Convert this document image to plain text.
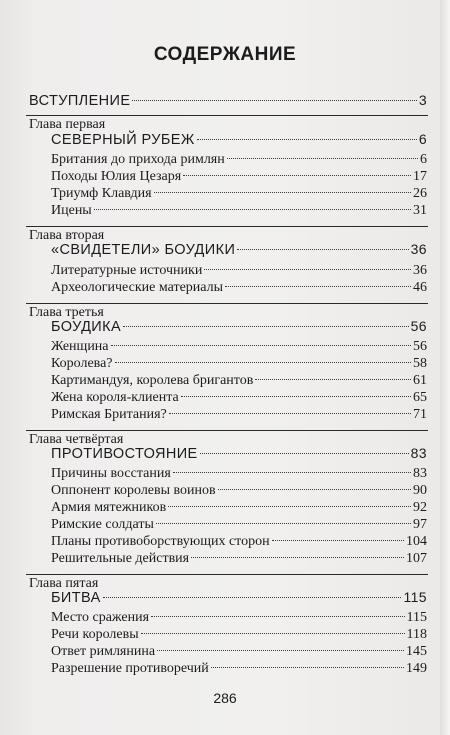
СОДЕРЖАНИЕ
ВСТУПЛЕНИЕ	3
Глава первая
СЕВЕРНЫЙ РУБЕЖ	6
Британия до прихода римлян	6
Походы Юлия Цезаря	17
Триумф Клавдия	26
Ицены	31
Глава вторая
«СВИДЕТЕЛИ» БОУДИКИ	36
Литературные источники	36
Археологические материалы	46
Глава третья
БОУДИКА	56
Женщина	56
Королева?	58
Картимандуя, королева бригантов	61
Жена короля-клиента	65
Римская Британия?	71
Глава четвёртая
ПРОТИВОСТОЯНИЕ	83
Причины восстания	83
Оппонент королевы воинов	90
Армия мятежников	92
Римские солдаты	97
Планы противоборствующих сторон	104
Решительные действия	107
Глава пятая
БИТВА	115
Место сражения	115
Речи королевы	118
Ответ римлянина	145
Разрешение противоречий	149
286
